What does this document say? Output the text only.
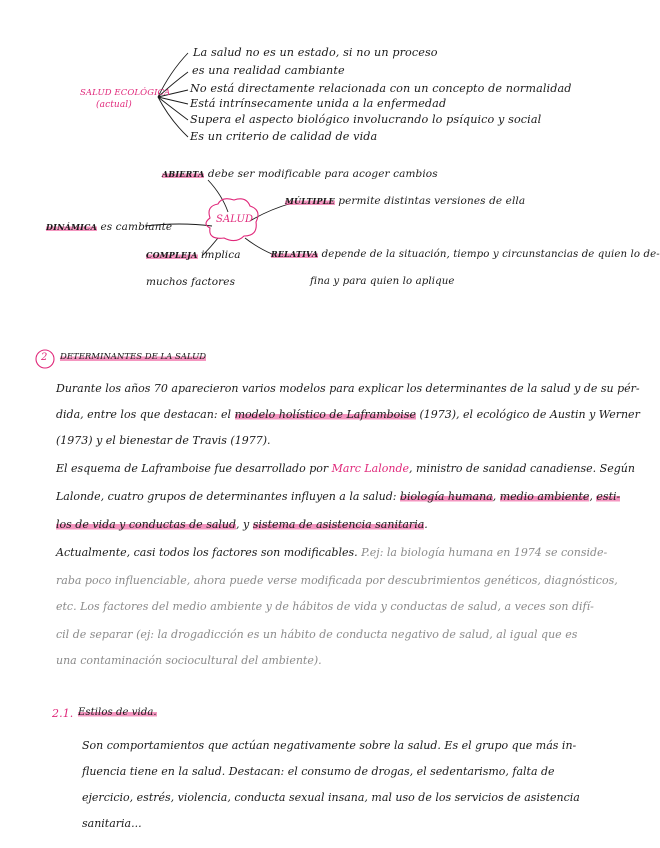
SALUD ECOLÓGICA
(actual)
La salud no es un estado, si no un proceso
es una realidad cambiante
No está directamente relacionada con un concepto de normalidad
Está intrínsecamente unida a la enfermedad
Supera el aspecto biológico involucrando lo psíquico y social
Es un criterio de calidad de vida
SALUD
ABIERTA debe ser modificable para acoger cambios
MÚLTIPLE permite distintas versiones de ella
DINÁMICA es cambiante
COMPLEJA implica
muchos factores
RELATIVA depende de la situación, tiempo y circunstancias de quien lo de-
fina y para quien lo aplique
2 DETERMINANTES DE LA SALUD
Durante los años 70 aparecieron varios modelos para explicar los determinantes de la salud y de su pér-
dida, entre los que destacan: el modelo holístico de Laframboise (1973), el ecológico de Austin y Werner
(1973) y el bienestar de Travis (1977).
El esquema de Laframboise fue desarrollado por Marc Lalonde, ministro de sanidad canadiense. Según
Lalonde, cuatro grupos de determinantes influyen a la salud: biología humana, medio ambiente, esti-
los de vida y conductas de salud, y sistema de asistencia sanitaria.
Actualmente, casi todos los factores son modificables. P.ej: la biología humana en 1974 se conside-
raba poco influenciable, ahora puede verse modificada por descubrimientos genéticos, diagnósticos,
etc. Los factores del medio ambiente y de hábitos de vida y conductas de salud, a veces son difí-
cil de separar (ej: la drogadicción es un hábito de conducta negativo de salud, al igual que es
una contaminación sociocultural del ambiente).
2.1. Estilos de vida.
Son comportamientos que actúan negativamente sobre la salud. Es el grupo que más in-
fluencia tiene en la salud. Destacan: el consumo de drogas, el sedentarismo, falta de
ejercicio, estrés, violencia, conducta sexual insana, mal uso de los servicios de asistencia
sanitaria...
